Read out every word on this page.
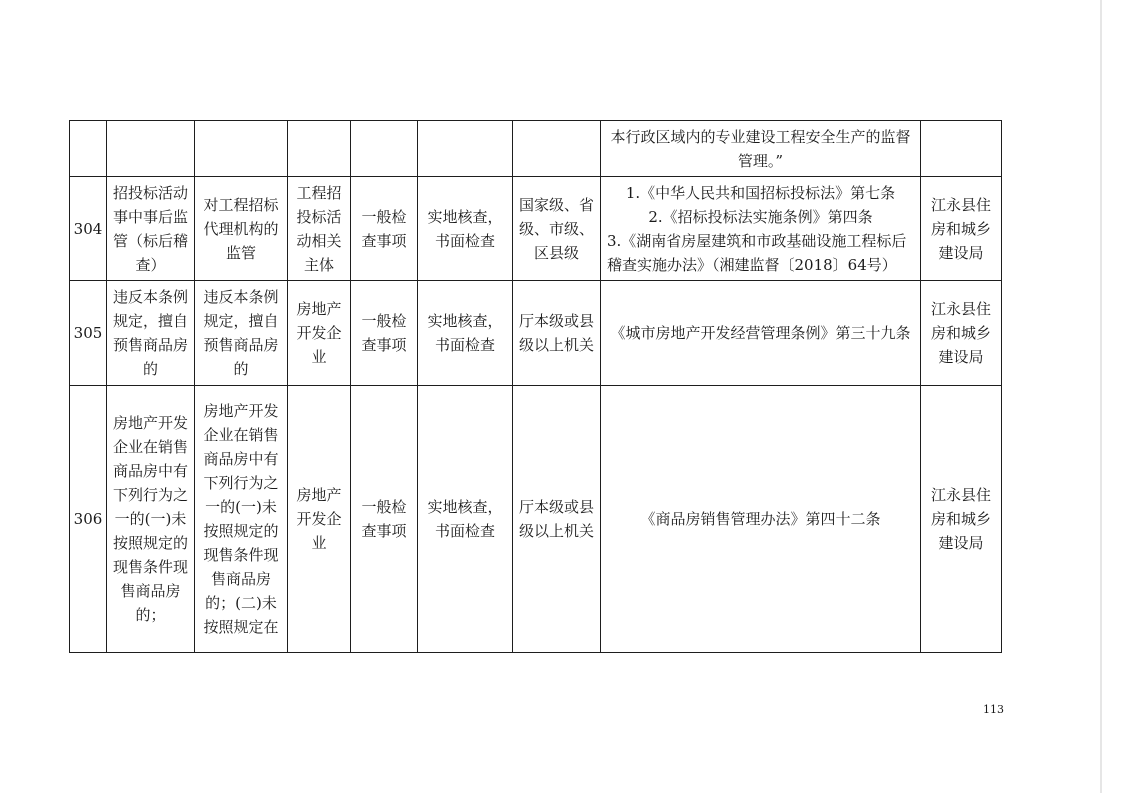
							本行政区域内的专业建设工程安全生产的监督管理。”	
304	招投标活动事中事后监管（标后稽查）	对工程招标代理机构的监管	工程招投标活动相关主体	一般检查事项	实地核查，书面检查	国家级、省级、市级、区县级	1.《中华人民共和国招标投标法》第七条
2.《招标投标法实施条例》第四条
3.《湖南省房屋建筑和市政基础设施工程标后稽查实施办法》（湘建监督〔2018〕64号）	江永县住房和城乡建设局
305	违反本条例规定，擅自预售商品房的	违反本条例规定，擅自预售商品房的	房地产开发企业	一般检查事项	实地核查，书面检查	厅本级或县级以上机关	《城市房地产开发经营管理条例》第三十九条	江永县住房和城乡建设局
306	房地产开发企业在销售商品房中有下列行为之一的(一)未按照规定的现售条件现售商品房的；	房地产开发企业在销售商品房中有下列行为之一的(一)未按照规定的现售条件现售商品房的；(二)未按照规定在	房地产开发企业	一般检查事项	实地核查，书面检查	厅本级或县级以上机关	《商品房销售管理办法》第四十二条	江永县住房和城乡建设局
113
